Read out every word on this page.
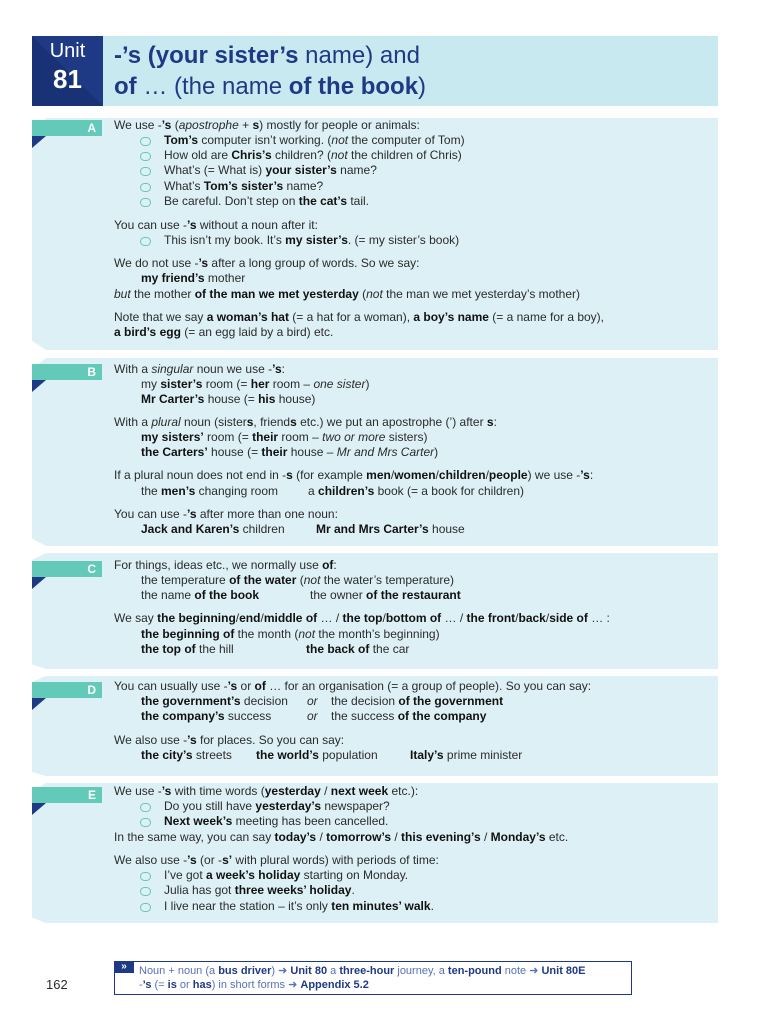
Unit
81
-’s (your sister’s name) and
of … (the name of the book)
A
B
C
D
E
We use -’s (apostrophe + s) mostly for people or animals:
Tom’s computer isn’t working. (not the computer of Tom)
How old are Chris’s children? (not the children of Chris)
What’s (= What is) your sister’s name?
What’s Tom’s sister’s name?
Be careful. Don’t step on the cat’s tail.
You can use -’s without a noun after it:
This isn’t my book. It’s my sister’s. (= my sister’s book)
We do not use -’s after a long group of words. So we say:
my friend’s mother
but the mother of the man we met yesterday (not the man we met yesterday’s mother)
Note that we say a woman’s hat (= a hat for a woman), a boy’s name (= a name for a boy),
a bird’s egg (= an egg laid by a bird) etc.
With a singular noun we use -’s:
my sister’s room (= her room – one sister)
Mr Carter’s house (= his house)
With a plural noun (sisters, friends etc.) we put an apostrophe (’) after s:
my sisters’ room (= their room – two or more sisters)
the Carters’ house (= their house – Mr and Mrs Carter)
If a plural noun does not end in -s (for example men/women/children/people) we use -’s:
the men’s changing room	a children’s book (= a book for children)
You can use -’s after more than one noun:
Jack and Karen’s children	Mr and Mrs Carter’s house
For things, ideas etc., we normally use of:
the temperature of the water (not the water’s temperature)
the name of the book	the owner of the restaurant
We say the beginning/end/middle of … / the top/bottom of … / the front/back/side of … :
the beginning of the month (not the month’s beginning)
the top of the hill	the back of the car
You can usually use -’s or of … for an organisation (= a group of people). So you can say:
the government’s decision or the decision of the government
the company’s success	or the success of the company
We also use -’s for places. So you can say:
the city’s streets the world’s population	Italy’s prime minister
We use -’s with time words (yesterday / next week etc.):
Do you still have yesterday’s newspaper?
Next week’s meeting has been cancelled.
In the same way, you can say today’s / tomorrow’s / this evening’s / Monday’s etc.
We also use -’s (or -s’ with plural words) with periods of time:
I’ve got a week’s holiday starting on Monday.
Julia has got three weeks’ holiday.
I live near the station – it’s only ten minutes’ walk.
»	Noun + noun (a bus driver) ➜ Unit 80 a three-hour journey, a ten-pound note ➜ Unit 80E
-’s (= is or has) in short forms ➜ Appendix 5.2
162
